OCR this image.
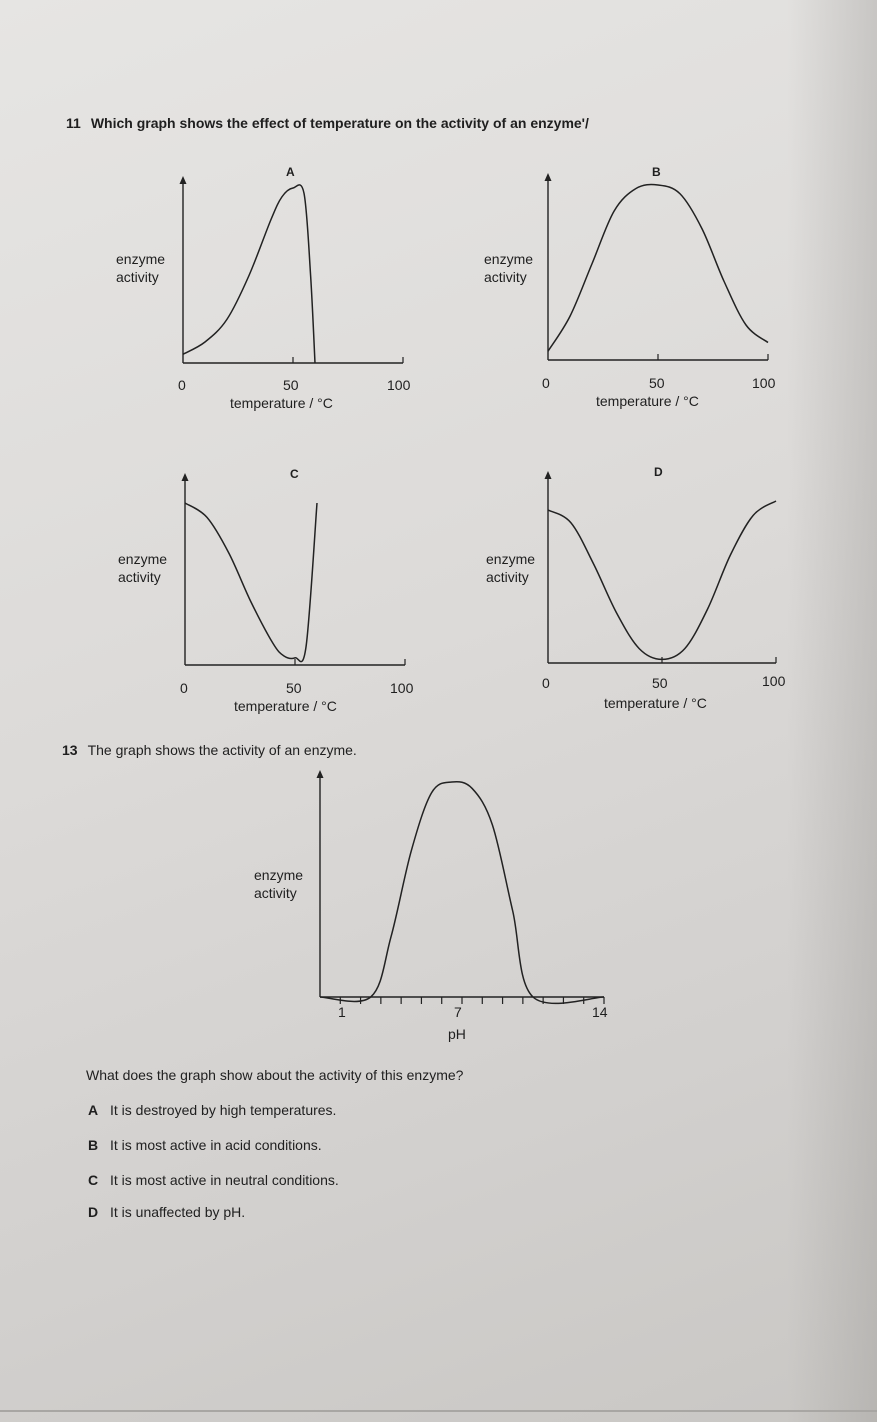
11 Which graph shows the effect of temperature on the activity of an enzyme'/
A
enzyme
activity
0	50	100
temperature / °C
B
enzyme
activity
0	50	100
temperature / °C
C
enzyme
activity
0	50	100
temperature / °C
D
enzyme
activity
0	50	100
temperature / °C
13 The graph shows the activity of an enzyme.
enzyme
activity
1	7	14
pH
What does the graph show about the activity of this enzyme?
A It is destroyed by high temperatures.
B It is most active in acid conditions.
C It is most active in neutral conditions.
D It is unaffected by pH.
